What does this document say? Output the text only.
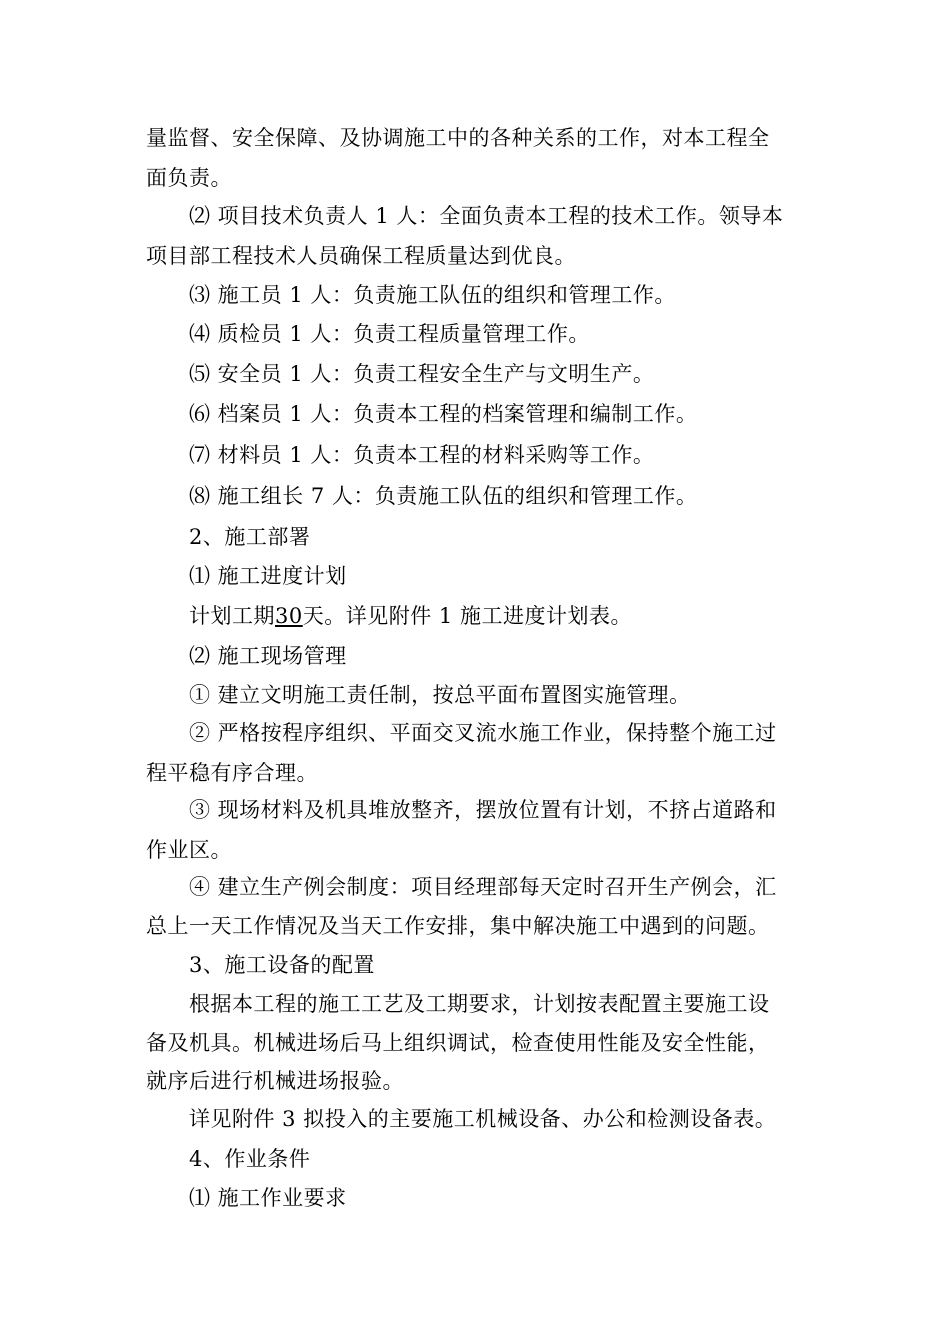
量监督、安全保障、及协调施工中的各种关系的工作，对本工程全
面负责。
⑵ 项目技术负责人 1 人：全面负责本工程的技术工作。领导本
项目部工程技术人员确保工程质量达到优良。
⑶ 施工员 1 人：负责施工队伍的组织和管理工作。
⑷ 质检员 1 人：负责工程质量管理工作。
⑸ 安全员 1 人：负责工程安全生产与文明生产。
⑹ 档案员 1 人：负责本工程的档案管理和编制工作。
⑺ 材料员 1 人：负责本工程的材料采购等工作。
⑻ 施工组长 7 人：负责施工队伍的组织和管理工作。
2、施工部署
⑴ 施工进度计划
计划工期30天。详见附件 1 施工进度计划表。
⑵ 施工现场管理
① 建立文明施工责任制，按总平面布置图实施管理。
② 严格按程序组织、平面交叉流水施工作业，保持整个施工过
程平稳有序合理。
③ 现场材料及机具堆放整齐，摆放位置有计划，不挤占道路和
作业区。
④ 建立生产例会制度：项目经理部每天定时召开生产例会，汇
总上一天工作情况及当天工作安排，集中解决施工中遇到的问题。
3、施工设备的配置
根据本工程的施工工艺及工期要求，计划按表配置主要施工设
备及机具。机械进场后马上组织调试，检查使用性能及安全性能，
就序后进行机械进场报验。
详见附件 3 拟投入的主要施工机械设备、办公和检测设备表。
4、作业条件
⑴ 施工作业要求
